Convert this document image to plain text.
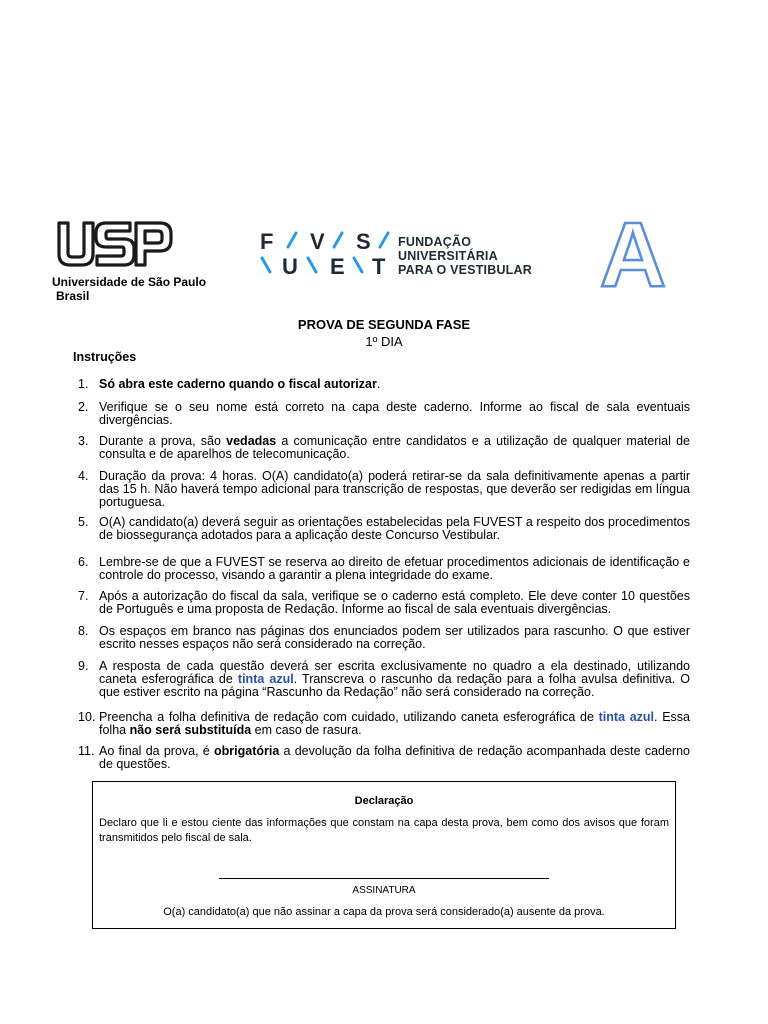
Universidade de São Paulo
Brasil
F V S
U E T
FUNDAÇÃO
UNIVERSITÁRIA
PARA O VESTIBULAR A
PROVA DE SEGUNDA FASE
1º DIA
Instruções
1. Só abra este caderno quando o fiscal autorizar.
2. Verifique se o seu nome está correto na capa deste caderno. Informe ao fiscal de sala eventuais divergências.
3. Durante a prova, são vedadas a comunicação entre candidatos e a utilização de qualquer material de consulta e de aparelhos de telecomunicação.
4. Duração da prova: 4 horas. O(A) candidato(a) poderá retirar-se da sala definitivamente apenas a partir das 15 h. Não haverá tempo adicional para transcrição de respostas, que deverão ser redigidas em língua portuguesa.
5. O(A) candidato(a) deverá seguir as orientações estabelecidas pela FUVEST a respeito dos procedimentos de biossegurança adotados para a aplicação deste Concurso Vestibular.
6. Lembre-se de que a FUVEST se reserva ao direito de efetuar procedimentos adicionais de identificação e controle do processo, visando a garantir a plena integridade do exame.
7. Após a autorização do fiscal da sala, verifique se o caderno está completo. Ele deve conter 10 questões de Português e uma proposta de Redação. Informe ao fiscal de sala eventuais divergências.
8. Os espaços em branco nas páginas dos enunciados podem ser utilizados para rascunho. O que estiver escrito nesses espaços não será considerado na correção.
9. A resposta de cada questão deverá ser escrita exclusivamente no quadro a ela destinado, utilizando caneta esferográfica de tinta azul. Transcreva o rascunho da redação para a folha avulsa definitiva. O que estiver escrito na página “Rascunho da Redação” não será considerado na correção.
10. Preencha a folha definitiva de redação com cuidado, utilizando caneta esferográfica de tinta azul. Essa folha não será substituída em caso de rasura.
11. Ao final da prova, é obrigatória a devolução da folha definitiva de redação acompanhada deste caderno de questões.
Declaração
Declaro que li e estou ciente das informações que constam na capa desta prova, bem como dos avisos que foram transmitidos pelo fiscal de sala.
ASSINATURA
O(a) candidato(a) que não assinar a capa da prova será considerado(a) ausente da prova.
